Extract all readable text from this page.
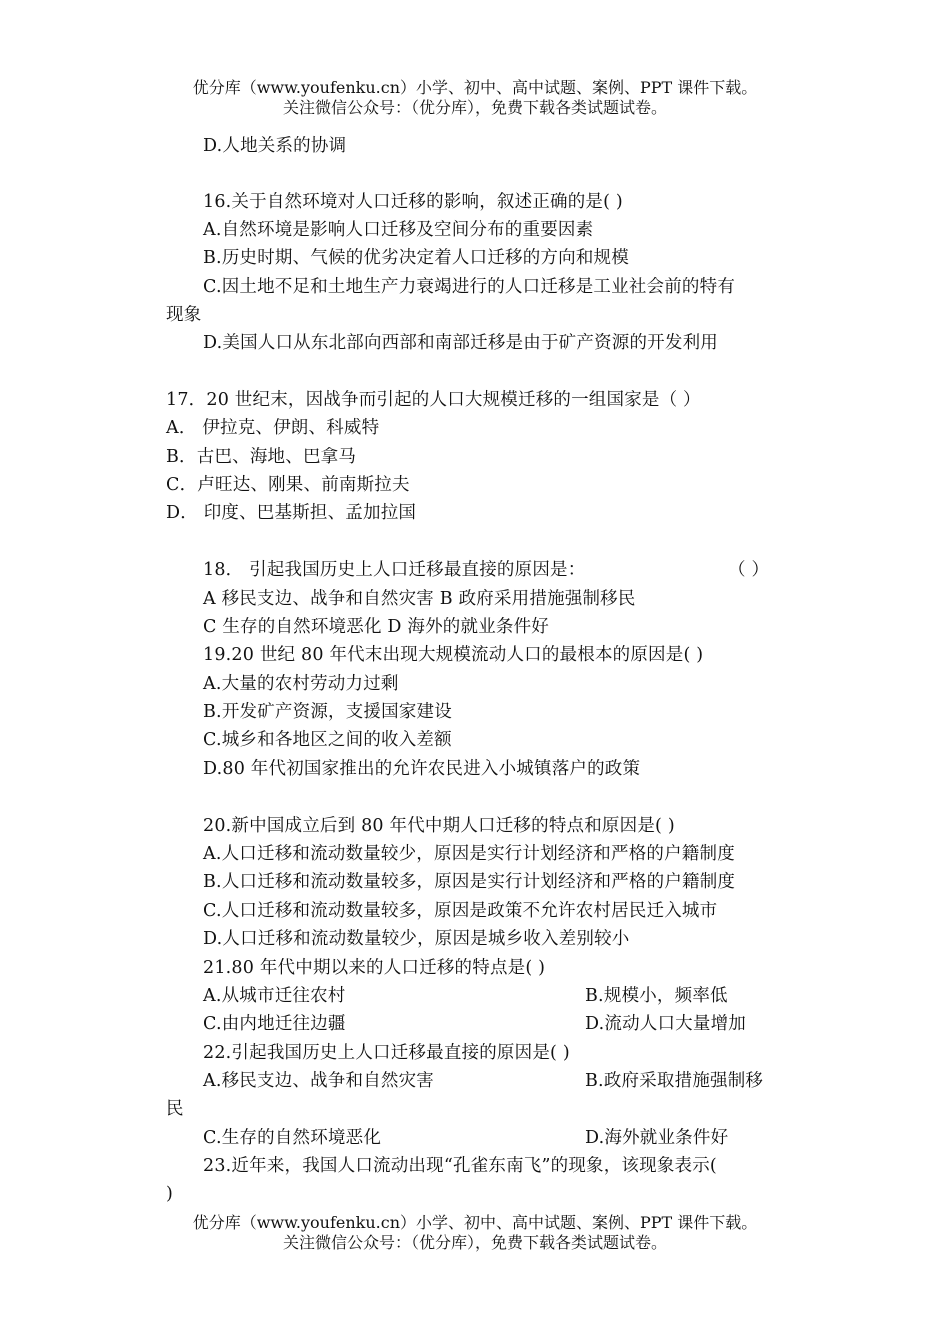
优分库（www.youfenku.cn）小学、初中、高中试题、案例、PPT 课件下载。
关注微信公众号：（优分库），免费下载各类试题试卷。
D.人地关系的协调
16.关于自然环境对人口迁移的影响，叙述正确的是( )
A.自然环境是影响人口迁移及空间分布的重要因素
B.历史时期、气候的优劣决定着人口迁移的方向和规模
C.因土地不足和土地生产力衰竭进行的人口迁移是工业社会前的特有
现象
D.美国人口从东北部向西部和南部迁移是由于矿产资源的开发利用
17．20 世纪末，因战争而引起的人口大规模迁移的一组国家是（ ）
A． 伊拉克、伊朗、科威特
B．古巴、海地、巴拿马
C．卢旺达、刚果、前南斯拉夫
D． 印度、巴基斯担、孟加拉国
18． 引起我国历史上人口迁移最直接的原因是：	（ ）
A 移民支边、战争和自然灾害 B 政府采用措施强制移民
C 生存的自然环境恶化 D 海外的就业条件好
19.20 世纪 80 年代末出现大规模流动人口的最根本的原因是( )
A.大量的农村劳动力过剩
B.开发矿产资源，支援国家建设
C.城乡和各地区之间的收入差额
D.80 年代初国家推出的允许农民进入小城镇落户的政策
20.新中国成立后到 80 年代中期人口迁移的特点和原因是( )
A.人口迁移和流动数量较少，原因是实行计划经济和严格的户籍制度
B.人口迁移和流动数量较多，原因是实行计划经济和严格的户籍制度
C.人口迁移和流动数量较多，原因是政策不允许农村居民迁入城市
D.人口迁移和流动数量较少，原因是城乡收入差别较小
21.80 年代中期以来的人口迁移的特点是( )
A.从城市迁往农村	B.规模小，频率低
C.由内地迁往边疆	D.流动人口大量增加
22.引起我国历史上人口迁移最直接的原因是( )
A.移民支边、战争和自然灾害	B.政府采取措施强制移
民
C.生存的自然环境恶化	D.海外就业条件好
23.近年来，我国人口流动出现“孔雀东南飞”的现象，该现象表示(
)
优分库（www.youfenku.cn）小学、初中、高中试题、案例、PPT 课件下载。
关注微信公众号：（优分库），免费下载各类试题试卷。
